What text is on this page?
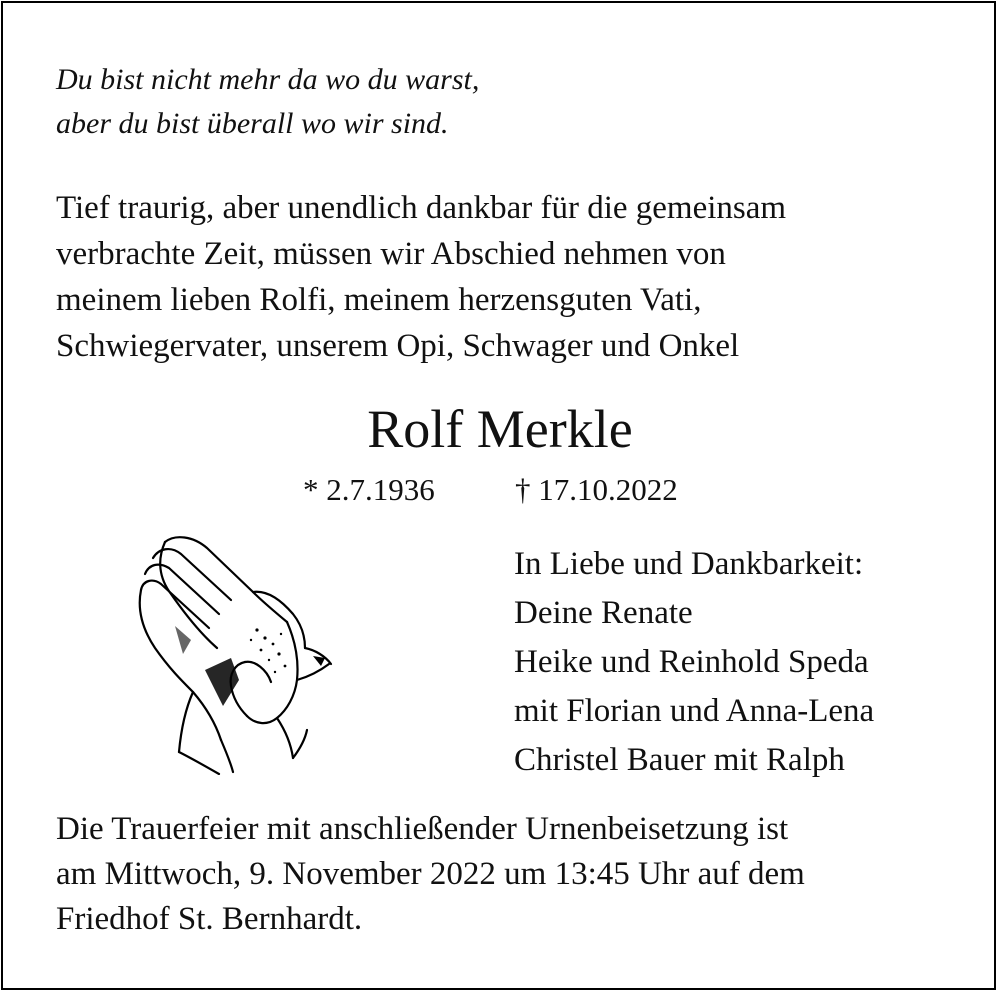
Du bist nicht mehr da wo du warst,
aber du bist überall wo wir sind.
Tief traurig, aber unendlich dankbar für die gemeinsam
verbrachte Zeit, müssen wir Abschied nehmen von
meinem lieben Rolfi, meinem herzensguten Vati,
Schwiegervater, unserem Opi, Schwager und Onkel
Rolf Merkle
* 2.7.1936	† 17.10.2022
In Liebe und Dankbarkeit:
Deine Renate
Heike und Reinhold Speda
mit Florian und Anna-Lena
Christel Bauer mit Ralph
Die Trauerfeier mit anschließender Urnenbeisetzung ist
am Mittwoch, 9. November 2022 um 13:45 Uhr auf dem
Friedhof St. Bernhardt.
